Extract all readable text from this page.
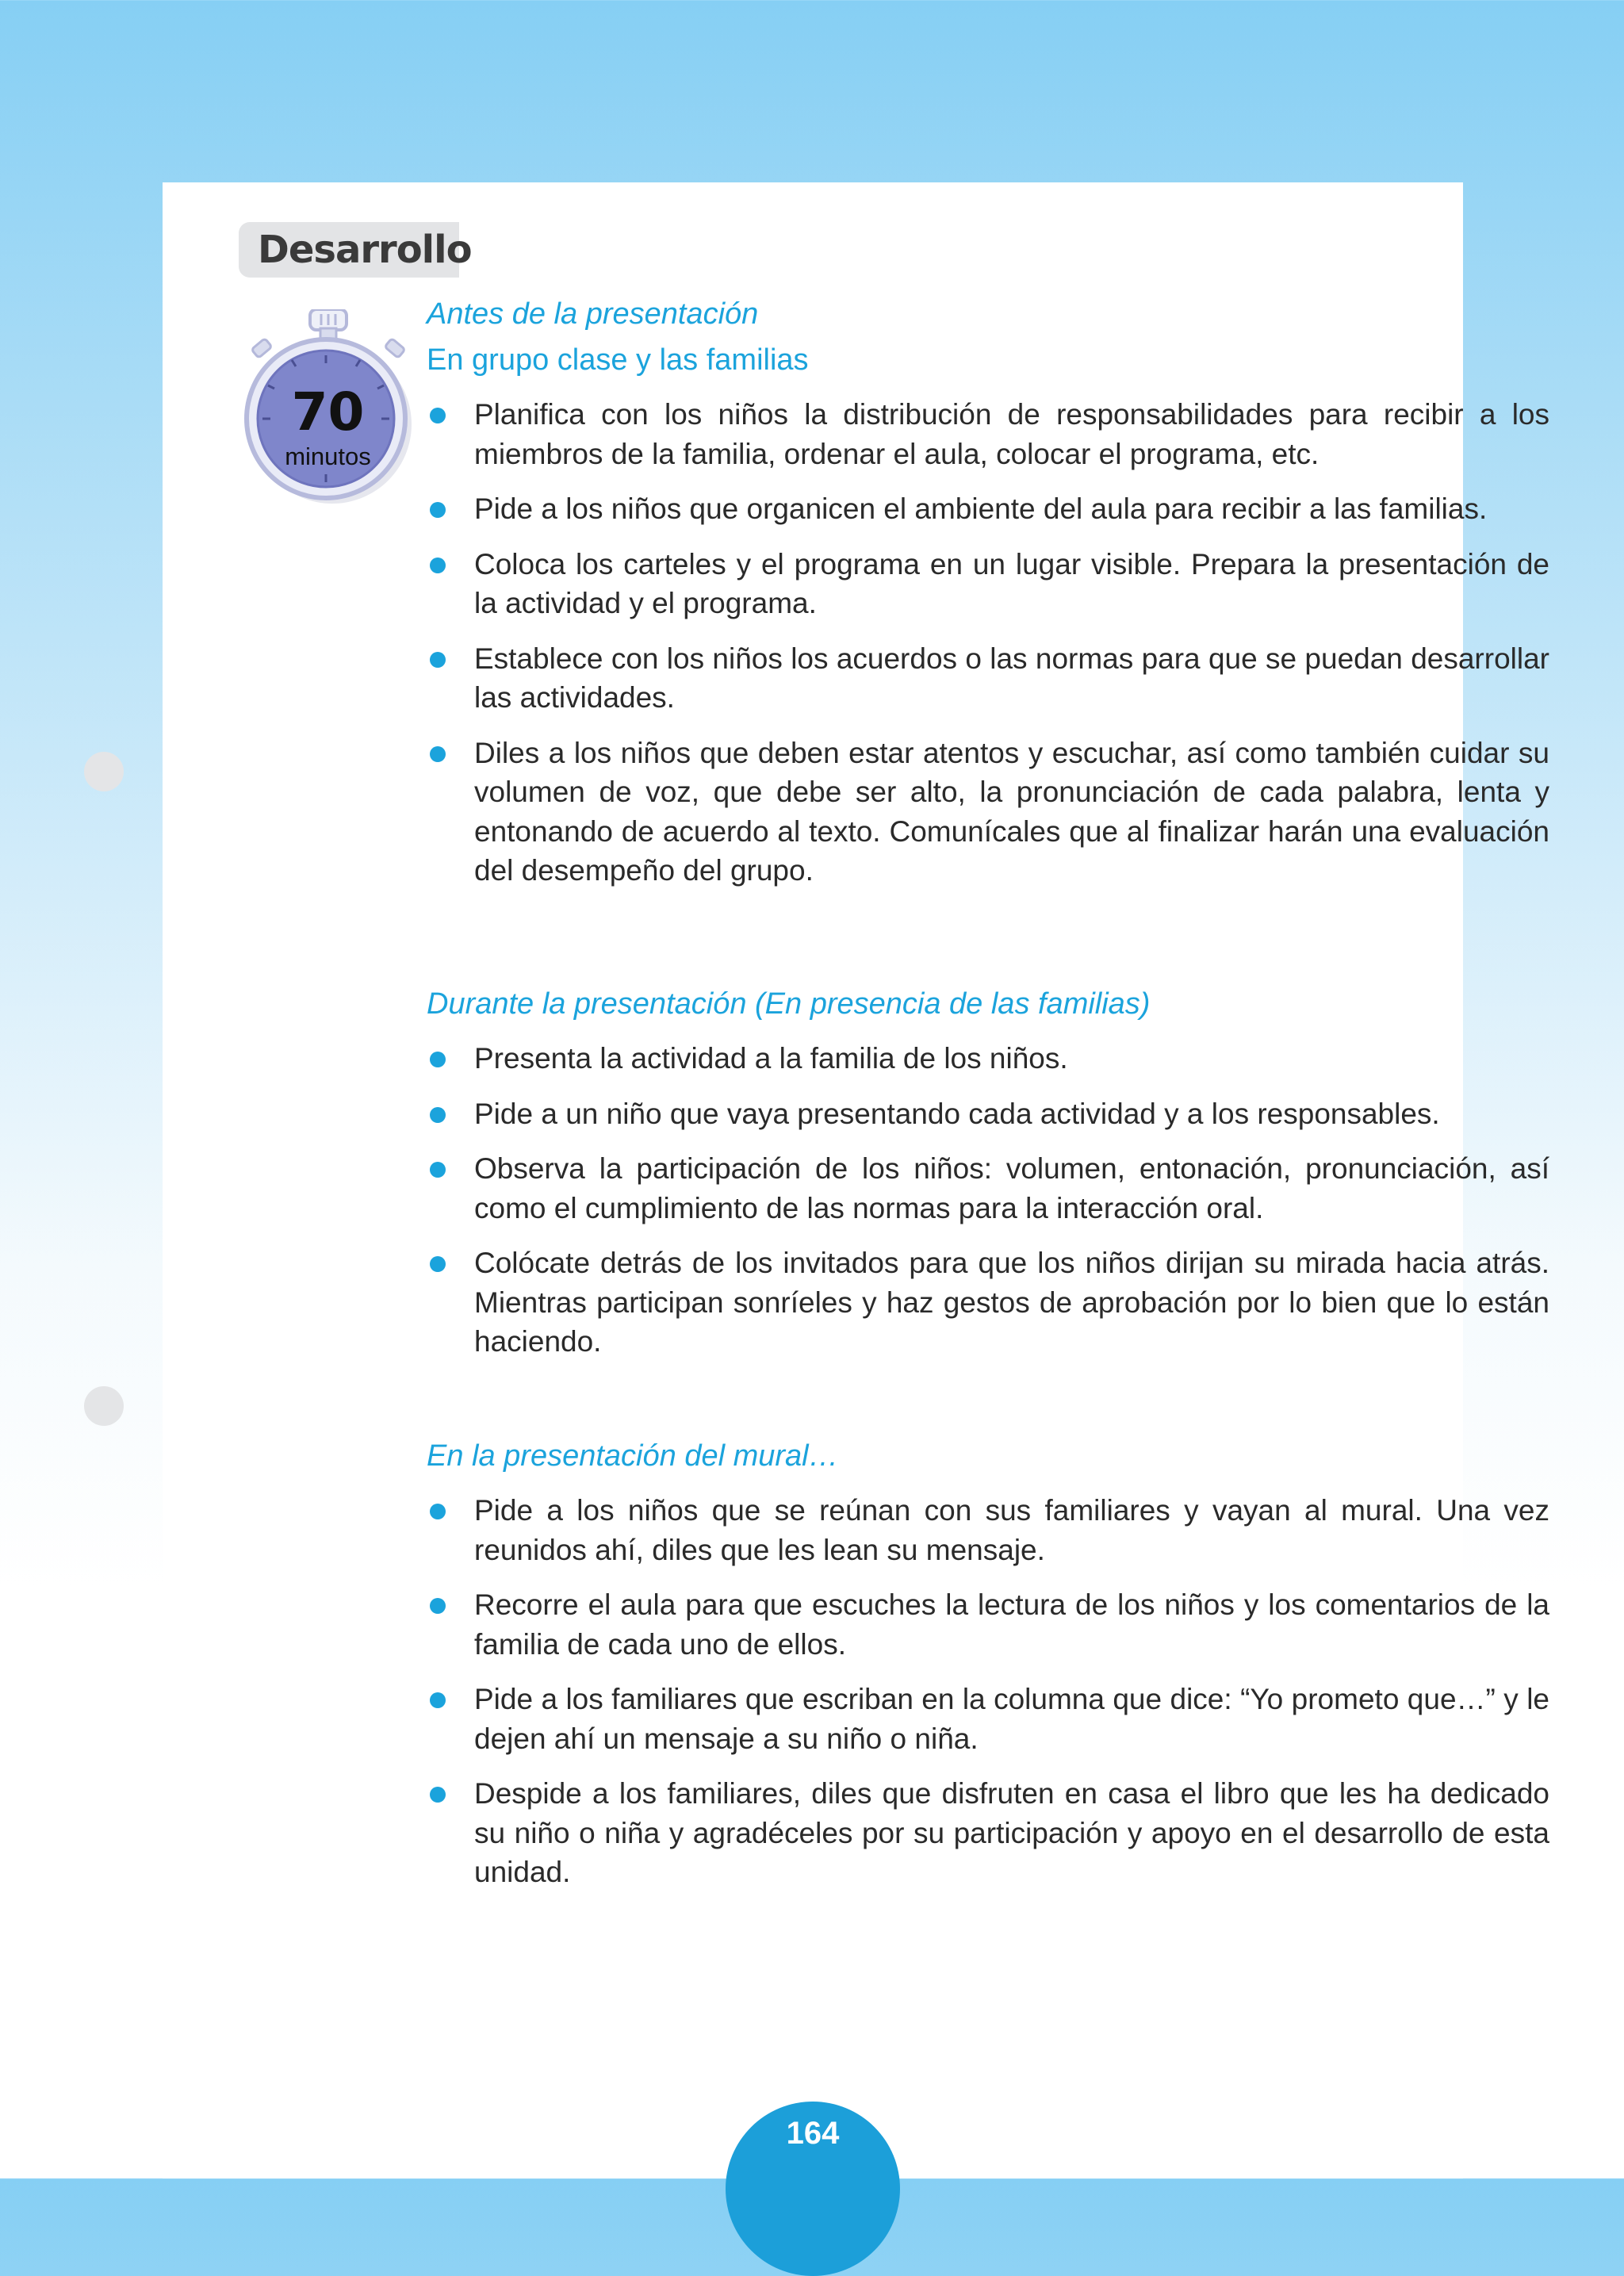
Desarrollo
70
minutos
Antes de la presentación
En grupo clase y las familias
Planifica con los niños la distribución de responsabilidades para recibir a los miembros de la familia, ordenar el aula, colocar el programa, etc.
Pide a los niños que organicen el ambiente del aula para recibir a las familias.
Coloca los carteles y el programa en un lugar visible. Prepara la presentación de la actividad y el programa.
Establece con los niños los acuerdos o las normas para que se puedan desarrollar las actividades.
Diles a los niños que deben estar atentos y escuchar, así como también cuidar su volumen de voz, que debe ser alto, la pronunciación de cada palabra, lenta y entonando de acuerdo al texto. Comunícales que al finalizar harán una evaluación del desempeño del grupo.
Durante la presentación (En presencia de las familias)
Presenta la actividad a la familia de los niños.
Pide a un niño que vaya presentando cada actividad y a los responsables.
Observa la participación de los niños: volumen, entonación, pronunciación, así como el cumplimiento de las normas para la interacción oral.
Colócate detrás de los invitados para que los niños dirijan su mirada hacia atrás. Mientras participan sonríeles y haz gestos de aprobación por lo bien que lo están haciendo.
En la presentación del mural…
Pide a los niños que se reúnan con sus familiares y vayan al mural. Una vez reunidos ahí, diles que les lean su mensaje.
Recorre el aula para que escuches la lectura de los niños y los comentarios de la familia de cada uno de ellos.
Pide a los familiares que escriban en la columna que dice: “Yo prometo que…” y le dejen ahí un mensaje a su niño o niña.
Despide a los familiares, diles que disfruten en casa el libro que les ha dedicado su niño o niña y agradéceles por su participación y apoyo en el desarrollo de esta unidad.
164
